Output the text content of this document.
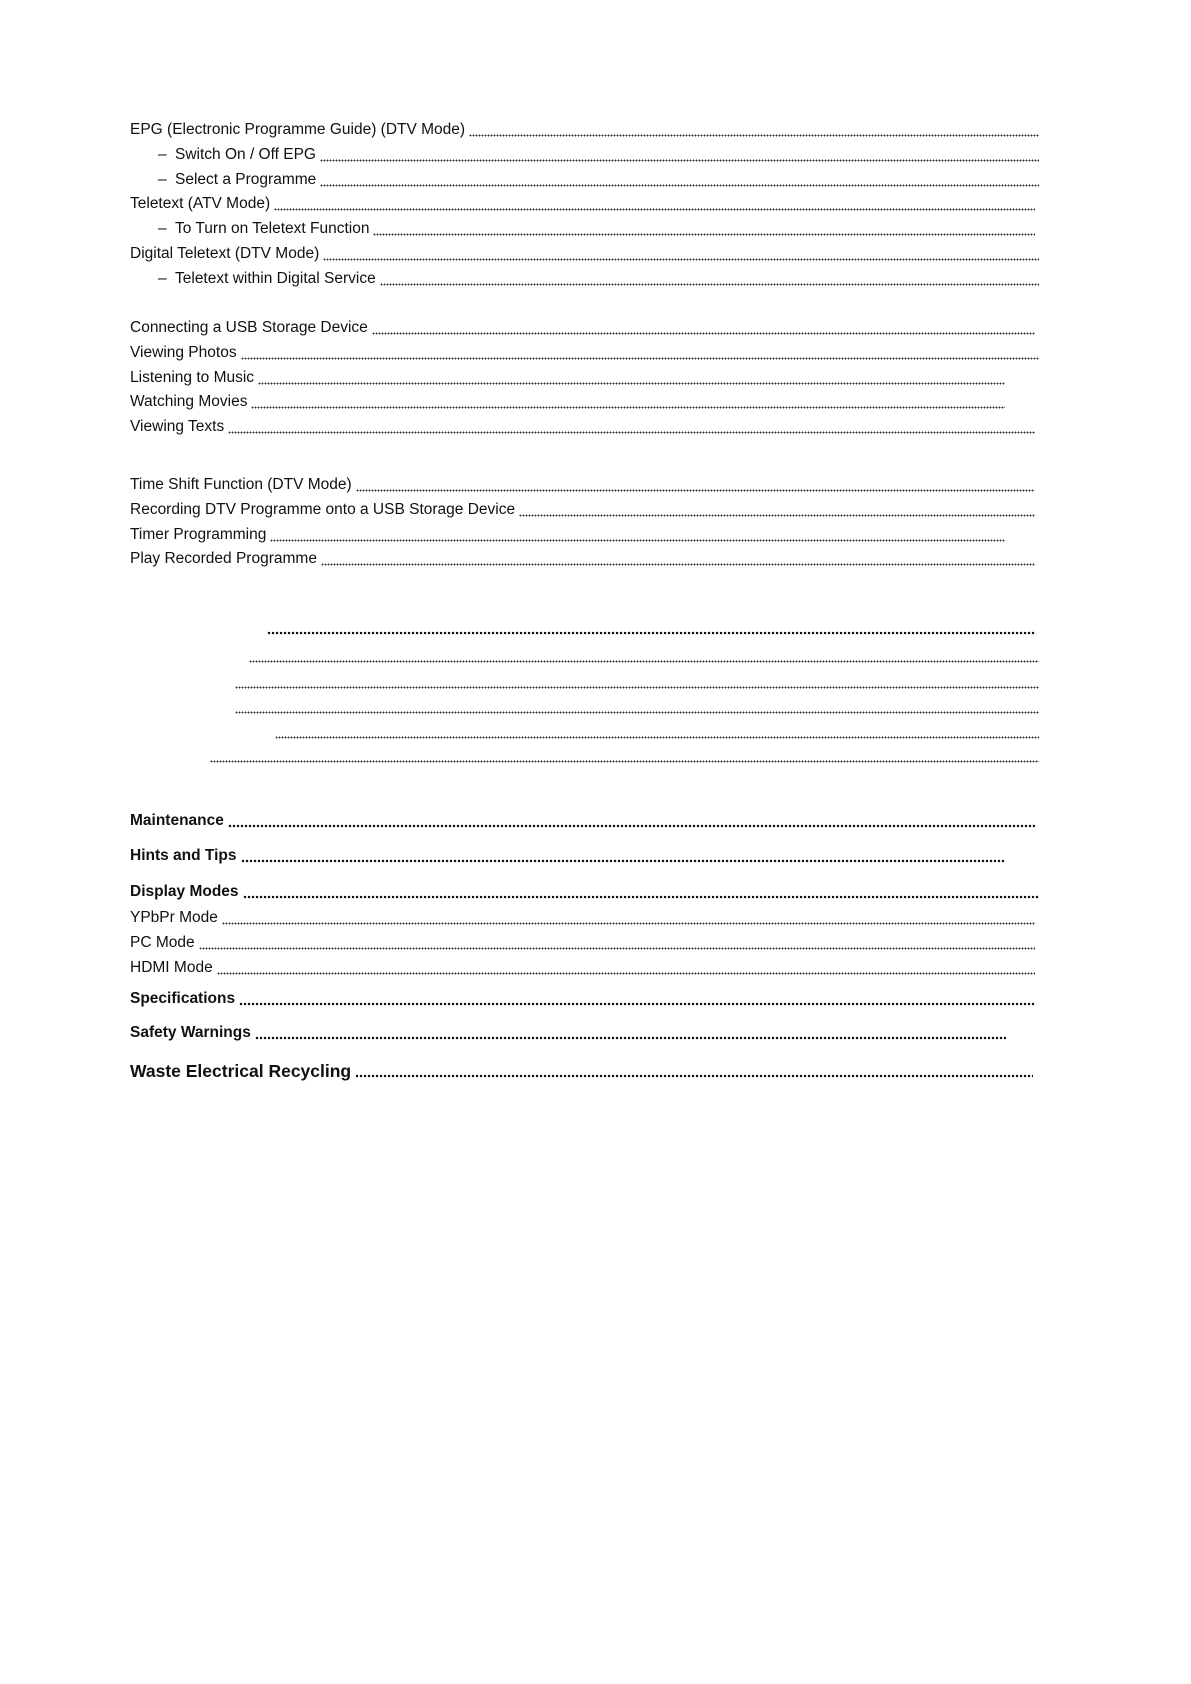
EPG (Electronic Programme Guide) (DTV Mode)
– Switch On / Off EPG
– Select a Programme
Teletext (ATV Mode)
– To Turn on Teletext Function
Digital Teletext (DTV Mode)
– Teletext within Digital Service
Connecting a USB Storage Device
Viewing Photos
Listening to Music
Watching Movies
Viewing Texts
Time Shift Function (DTV Mode)
Recording DTV Programme onto a USB Storage Device
Timer Programming
Play Recorded Programme
Maintenance
Hints and Tips
Display Modes
YPbPr Mode
PC Mode
HDMI Mode
Specifications
Safety Warnings
Waste Electrical Recycling
